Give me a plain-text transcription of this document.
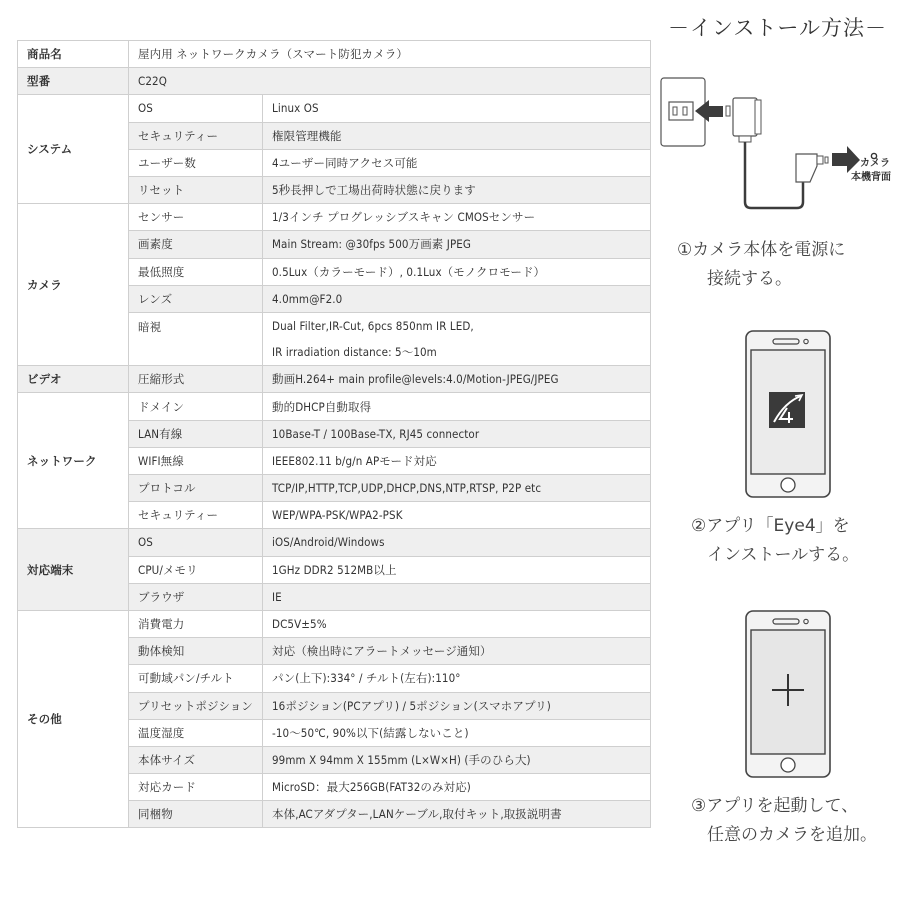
商品名	屋内用 ネットワークカメラ（スマート防犯カメラ）	
型番	C22Q	
システム	OS	Linux OS
	セキュリティー	権限管理機能
	ユーザー数	4ユーザー同時アクセス可能
	リセット	5秒長押しで工場出荷時状態に戻ります
カメラ	センサー	1/3インチ プログレッシブスキャン CMOSセンサー
	画素度	Main Stream: @30fps 500万画素 JPEG
	最低照度	0.5Lux（カラーモード）, 0.1Lux（モノクロモード）
	レンズ	4.0mm@F2.0
	暗視	Dual Filter,IR-Cut, 6pcs 850nm IR LED,
		IR irradiation distance: 5～10m
ビデオ	圧縮形式	動画H.264+ main profile@levels:4.0/Motion-JPEG/JPEG
ネットワーク	ドメイン	動的DHCP自動取得
	LAN有線	10Base-T / 100Base-TX, RJ45 connector
	WIFI無線	IEEE802.11 b/g/n APモード対応
	プロトコル	TCP/IP,HTTP,TCP,UDP,DHCP,DNS,NTP,RTSP, P2P etc
	セキュリティー	WEP/WPA-PSK/WPA2-PSK
対応端末	OS	iOS/Android/Windows
	CPU/メモリ	1GHz DDR2 512MB以上
	ブラウザ	IE
その他	消費電力	DC5V±5%
	動体検知	対応（検出時にアラートメッセージ通知）
	可動域パン/チルト	パン(上下):334° / チルト(左右):110°
	プリセットポジション	16ポジション(PCアプリ) / 5ポジション(スマホアプリ)
	温度湿度	-10～50℃, 90%以下(結露しないこと)
	本体サイズ	99mm X 94mm X 155mm (L×W×H) (手のひら大)
	対応カード	MicroSD：最大256GB(FAT32のみ対応)
	同梱物	本体,ACアダプター,LANケーブル,取付キット,取扱説明書
－インストール方法－
カメラ
本機背面
①カメラ本体を電源に
接続する。
②アプリ「Eye4」を
インストールする。
③アプリを起動して、
任意のカメラを追加。
